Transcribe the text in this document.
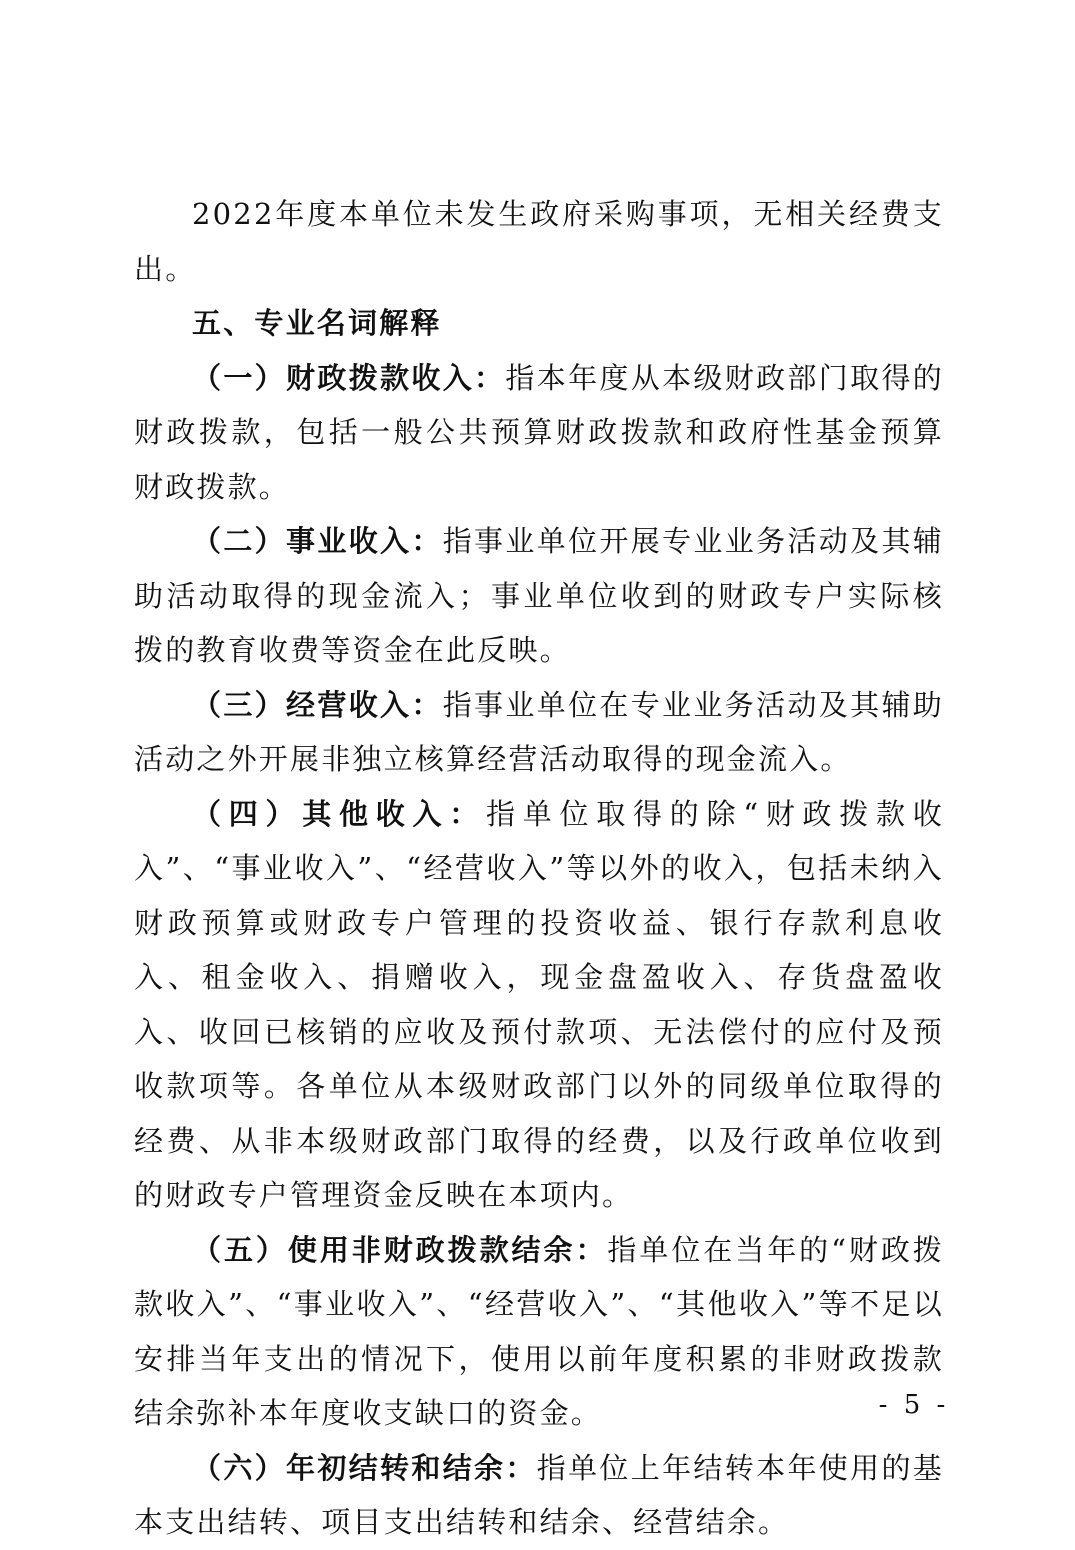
2022年度本单位未发生政府采购事项，无相关经费支出。

五、专业名词解释

（一）财政拨款收入：指本年度从本级财政部门取得的财政拨款，包括一般公共预算财政拨款和政府性基金预算财政拨款。

（二）事业收入：指事业单位开展专业业务活动及其辅助活动取得的现金流入；事业单位收到的财政专户实际核拨的教育收费等资金在此反映。

（三）经营收入：指事业单位在专业业务活动及其辅助活动之外开展非独立核算经营活动取得的现金流入。

（四）其他收入：指单位取得的除“财政拨款收入”、“事业收入”、“经营收入”等以外的收入，包括未纳入财政预算或财政专户管理的投资收益、银行存款利息收入、租金收入、捐赠收入，现金盘盈收入、存货盘盈收入、收回已核销的应收及预付款项、无法偿付的应付及预收款项等。各单位从本级财政部门以外的同级单位取得的经费、从非本级财政部门取得的经费，以及行政单位收到的财政专户管理资金反映在本项内。

（五）使用非财政拨款结余：指单位在当年的“财政拨款收入”、“事业收入”、“经营收入”、“其他收入”等不足以安排当年支出的情况下，使用以前年度积累的非财政拨款结余弥补本年度收支缺口的资金。

（六）年初结转和结余：指单位上年结转本年使用的基本支出结转、项目支出结转和结余、经营结余。

- 5 -
